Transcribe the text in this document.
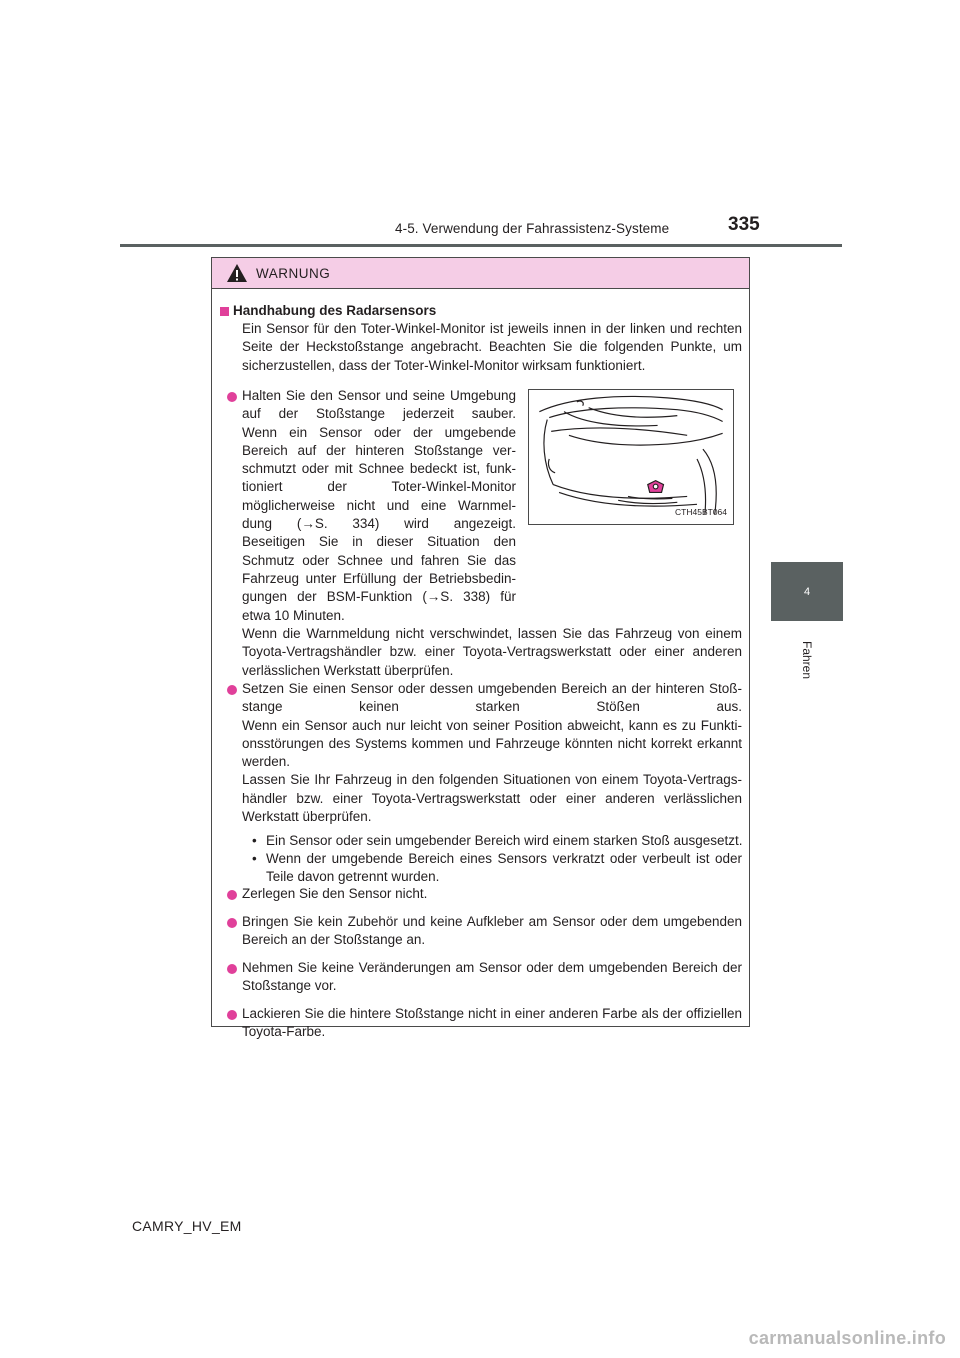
4-5. Verwendung der Fahrassistenz-Systeme	335
4
Fahren
WARNUNG
Handhabung des Radarsensors
Ein Sensor für den Toter-Winkel-Monitor ist jeweils innen in der linken und rechten
Seite der Heckstoßstange angebracht. Beachten Sie die folgenden Punkte, um
sicherzustellen, dass der Toter-Winkel-Monitor wirksam funktioniert.
Halten Sie den Sensor und seine Umgebung
auf der Stoßstange jederzeit sauber.
Wenn ein Sensor oder der umgebende
Bereich auf der hinteren Stoßstange ver-
schmutzt oder mit Schnee bedeckt ist, funk-
tioniert der Toter-Winkel-Monitor
möglicherweise nicht und eine Warnmel-
dung (→S. 334) wird angezeigt.
Beseitigen Sie in dieser Situation den
Schmutz oder Schnee und fahren Sie das
Fahrzeug unter Erfüllung der Betriebsbedin-
gungen der BSM-Funktion (→S. 338) für
etwa 10 Minuten.
Wenn die Warnmeldung nicht verschwindet, lassen Sie das Fahrzeug von einem
Toyota-Vertragshändler bzw. einer Toyota-Vertragswerkstatt oder einer anderen
verlässlichen Werkstatt überprüfen.
CTH45BT064
Setzen Sie einen Sensor oder dessen umgebenden Bereich an der hinteren Stoß-
stange keinen starken Stößen aus.
Wenn ein Sensor auch nur leicht von seiner Position abweicht, kann es zu Funkti-
onsstörungen des Systems kommen und Fahrzeuge könnten nicht korrekt erkannt
werden.
Lassen Sie Ihr Fahrzeug in den folgenden Situationen von einem Toyota-Vertrags-
händler bzw. einer Toyota-Vertragswerkstatt oder einer anderen verlässlichen
Werkstatt überprüfen.
• Ein Sensor oder sein umgebender Bereich wird einem starken Stoß ausgesetzt.
• Wenn der umgebende Bereich eines Sensors verkratzt oder verbeult ist oder
Teile davon getrennt wurden.
Zerlegen Sie den Sensor nicht.
Bringen Sie kein Zubehör und keine Aufkleber am Sensor oder dem umgebenden
Bereich an der Stoßstange an.
Nehmen Sie keine Veränderungen am Sensor oder dem umgebenden Bereich der
Stoßstange vor.
Lackieren Sie die hintere Stoßstange nicht in einer anderen Farbe als der offiziellen
Toyota-Farbe.
CAMRY_HV_EM
carmanualsonline.info
